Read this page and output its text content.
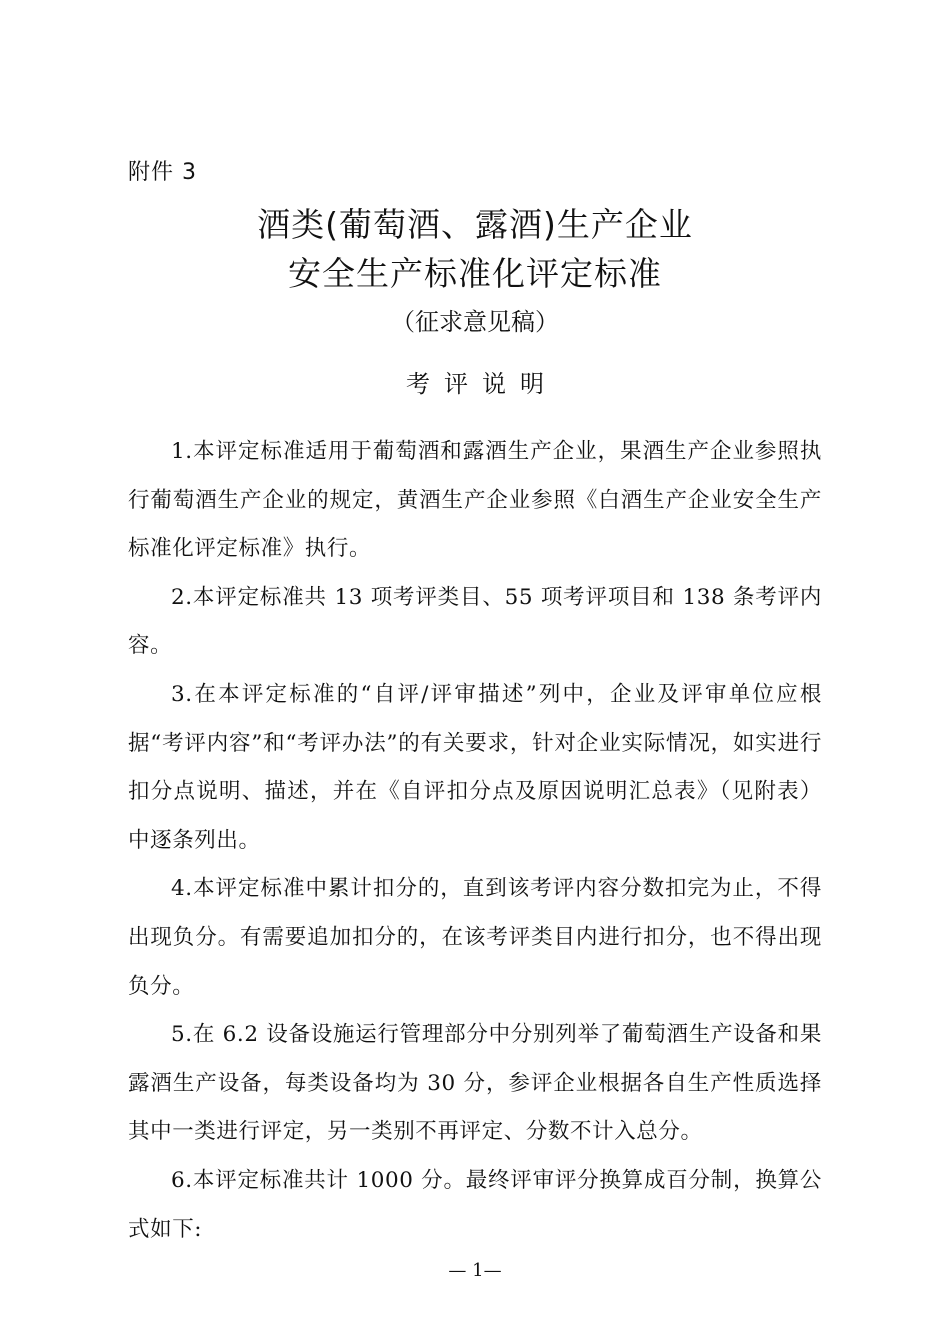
附件 3
酒类(葡萄酒、露酒)生产企业
安全生产标准化评定标准
（征求意见稿）
考评说明

1.本评定标准适用于葡萄酒和露酒生产企业，果酒生产企业参照执行葡萄酒生产企业的规定，黄酒生产企业参照《白酒生产企业安全生产标准化评定标准》执行。

2.本评定标准共 13 项考评类目、55 项考评项目和 138 条考评内容。

3.在本评定标准的“自评/评审描述”列中，企业及评审单位应根据“考评内容”和“考评办法”的有关要求，针对企业实际情况，如实进行扣分点说明、描述，并在《自评扣分点及原因说明汇总表》（见附表）中逐条列出。

4.本评定标准中累计扣分的，直到该考评内容分数扣完为止，不得出现负分。有需要追加扣分的，在该考评类目内进行扣分，也不得出现负分。

5.在 6.2 设备设施运行管理部分中分别列举了葡萄酒生产设备和果露酒生产设备，每类设备均为 30 分，参评企业根据各自生产性质选择其中一类进行评定，另一类别不再评定、分数不计入总分。

6.本评定标准共计 1000 分。最终评审评分换算成百分制，换算公式如下:

— 1—
